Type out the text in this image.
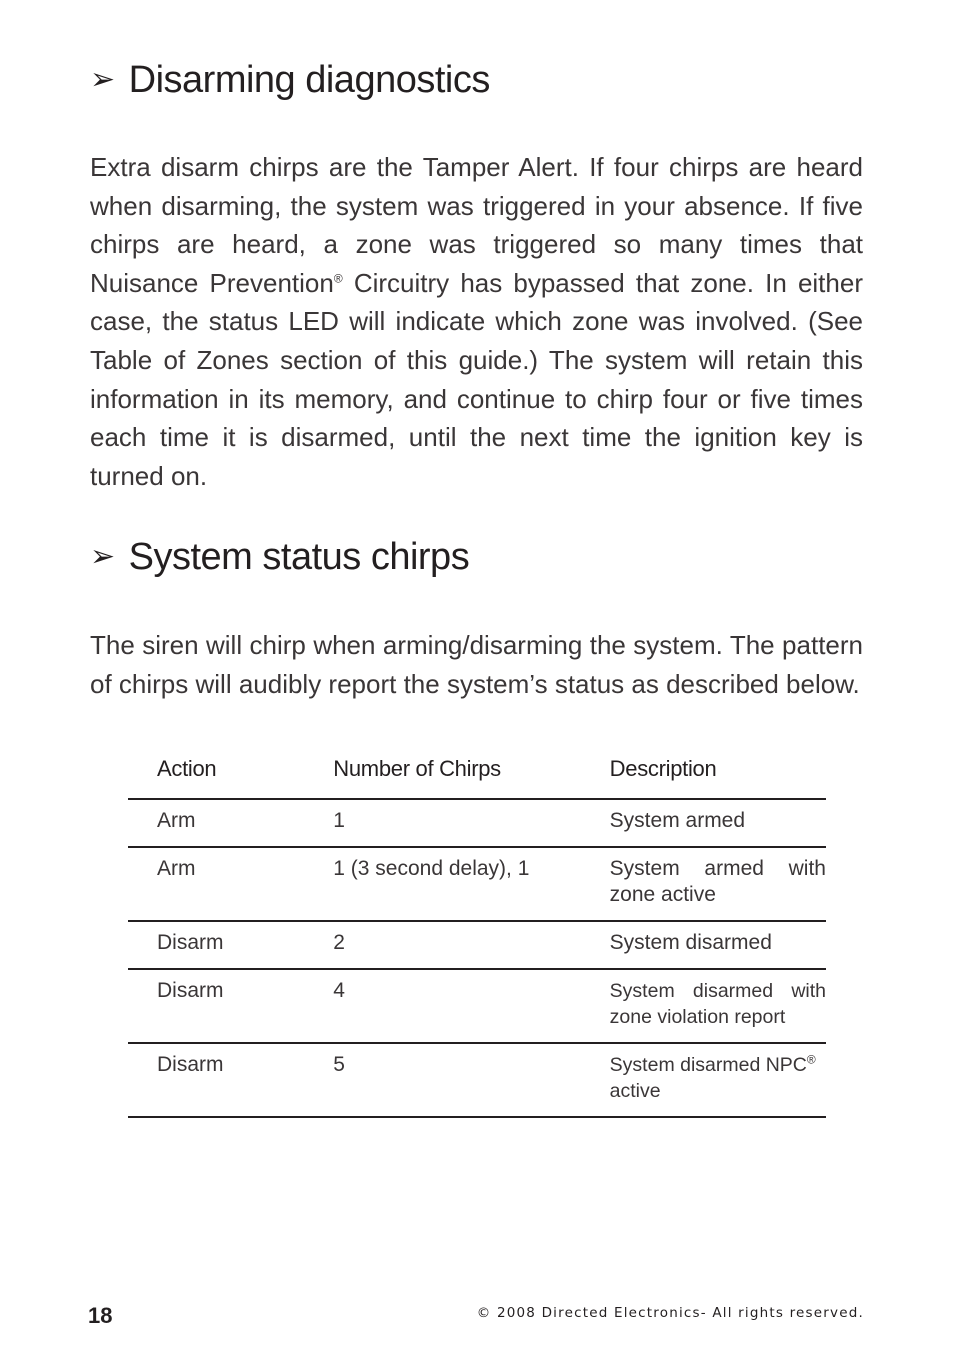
➢ Disarming diagnostics
Extra disarm chirps are the Tamper Alert. If four chirps are heard when disarming, the system was triggered in your absence. If five chirps are heard, a zone was triggered so many times that Nuisance Prevention® Circuitry has bypassed that zone. In either case, the status LED will indicate which zone was involved. (See Table of Zones section of this guide.) The system will retain this information in its memory, and continue to chirp four or five times each time it is disarmed, until the next time the ignition key is turned on.
➢ System status chirps
The siren will chirp when arming/disarming the system. The pattern of chirps will audibly report the system’s status as described below.
Action	Number of Chirps	Description
Arm	1	System armed
Arm	1 (3 second delay), 1	System armed with zone active
Disarm	2	System disarmed
Disarm	4	System disarmed with zone violation report
Disarm	5	System disarmed NPC® active
18	© 2008 Directed Electronics- All rights reserved.
